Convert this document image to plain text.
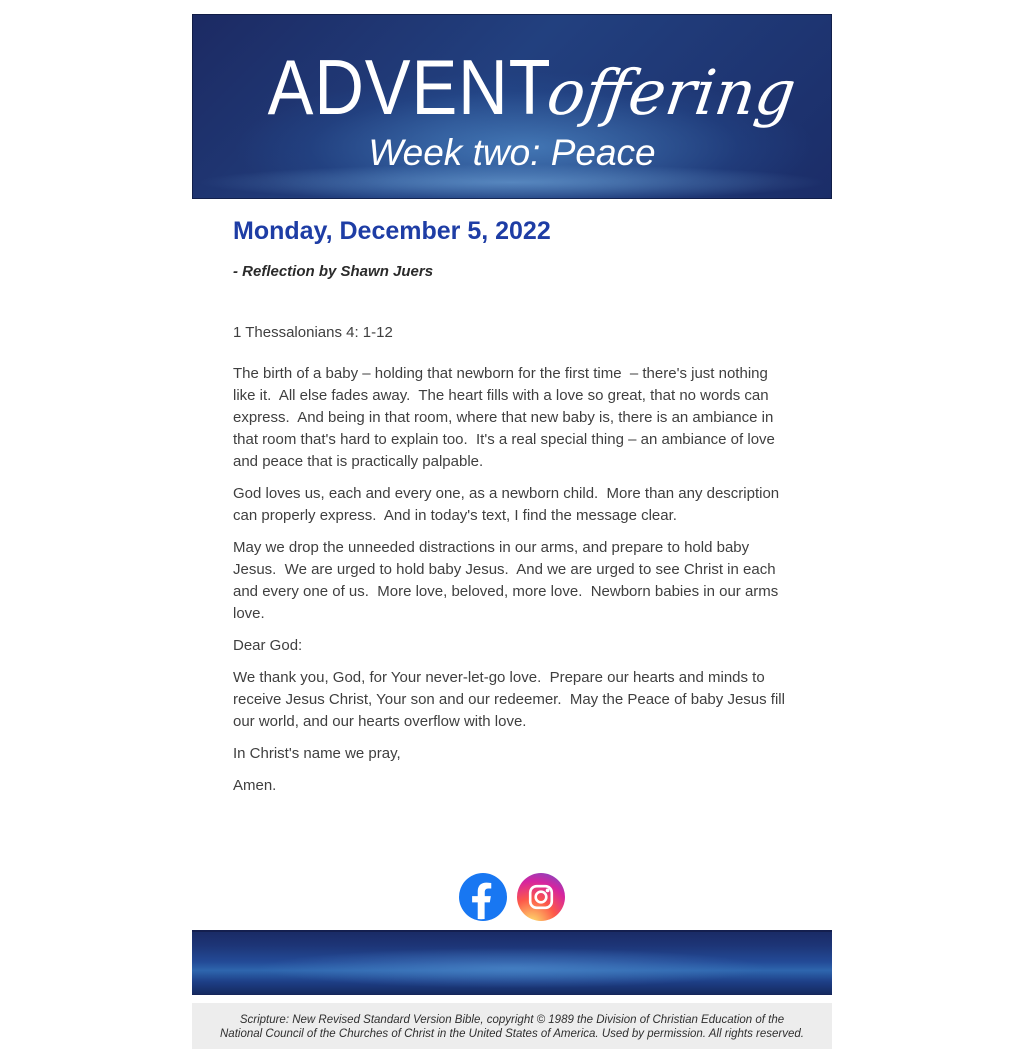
ADVENT
offering
Week two: Peace
Monday, December 5, 2022
- Reflection by Shawn Juers
1 Thessalonians 4: 1-12

The birth of a baby – holding that newborn for the first time  – there's just nothing like it.  All else fades away.  The heart fills with a love so great, that no words can express.  And being in that room, where that new baby is, there is an ambiance in that room that's hard to explain too.  It's a real special thing – an ambiance of love and peace that is practically palpable.

God loves us, each and every one, as a newborn child.  More than any description can properly express.  And in today's text, I find the message clear.

May we drop the unneeded distractions in our arms, and prepare to hold baby Jesus.  We are urged to hold baby Jesus.  And we are urged to see Christ in each and every one of us.  More love, beloved, more love.  Newborn babies in our arms love.

Dear God:

We thank you, God, for Your never-let-go love.  Prepare our hearts and minds to receive Jesus Christ, Your son and our redeemer.  May the Peace of baby Jesus fill our world, and our hearts overflow with love.

In Christ's name we pray,

Amen.

Scripture: New Revised Standard Version Bible, copyright © 1989 the Division of Christian Education of the
National Council of the Churches of Christ in the United States of America. Used by permission. All rights reserved.
